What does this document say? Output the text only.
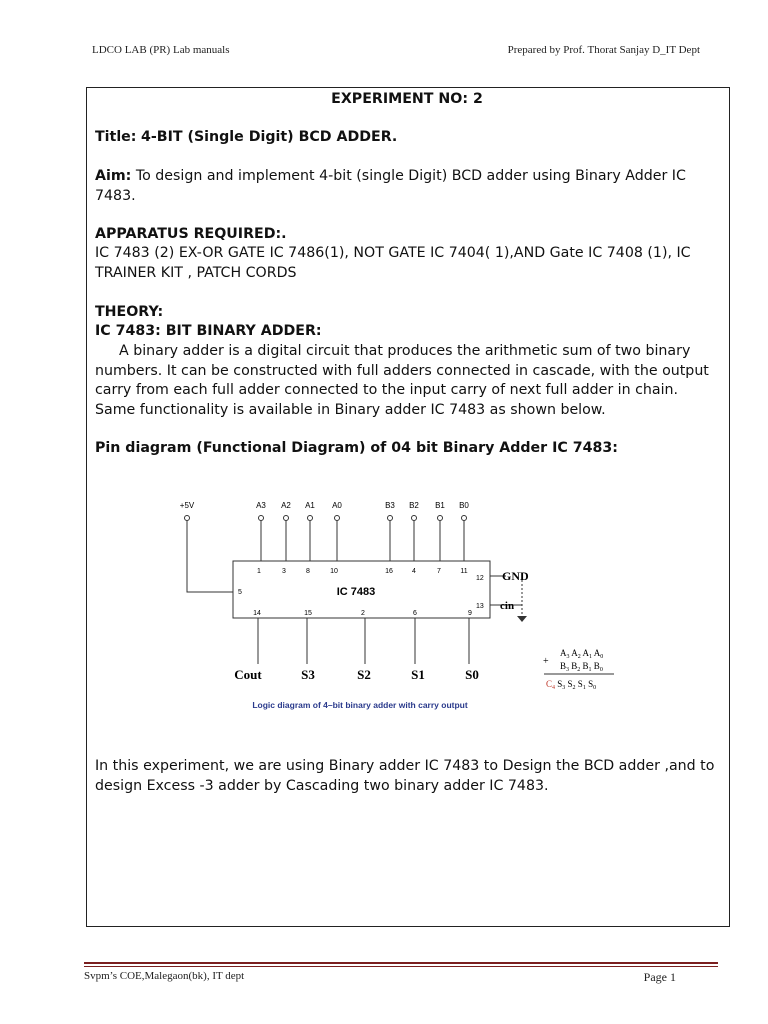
LDCO LAB (PR) Lab manuals	Prepared by Prof. Thorat Sanjay D_IT Dept
EXPERIMENT NO: 2
Title: 4-BIT (Single Digit) BCD ADDER.
Aim: To design and implement 4-bit (single Digit) BCD adder using Binary Adder IC 7483.
APPARATUS REQUIRED:.
IC 7483 (2) EX-OR GATE IC 7486(1), NOT GATE IC 7404( 1),AND Gate IC 7408 (1), IC TRAINER KIT , PATCH CORDS
THEORY:
IC 7483: BIT BINARY ADDER:
A binary adder is a digital circuit that produces the arithmetic sum of two binary numbers. It can be constructed with full adders connected in cascade, with the output carry from each full adder connected to the input carry of next full adder in chain. Same functionality is available in Binary adder IC 7483 as shown below.
Pin diagram (Functional Diagram) of 04 bit Binary Adder IC 7483:
In this experiment, we are using Binary adder IC 7483 to Design the BCD adder ,and to design Excess -3 adder by Cascading two binary adder IC 7483.
+5V	A3 A2 A1 A0	B3 B2 B1 B0
IC 7483
1	3	8	10	16	4	7	11
5
12
13
14	15	2	6	9
GND
cin
Cout	S3	S2	S1	S0
+
$A_3$ $A_2$ $A_1$ $A_0$
$B_3$ $B_2$ $B_1$ $B_0$
$C_4$ $S_3$ $S_2$ $S_1$ $S_0$
Logic diagram of 4–bit binary adder with carry output
Svpm’s COE,Malegaon(bk), IT dept	Page 1
